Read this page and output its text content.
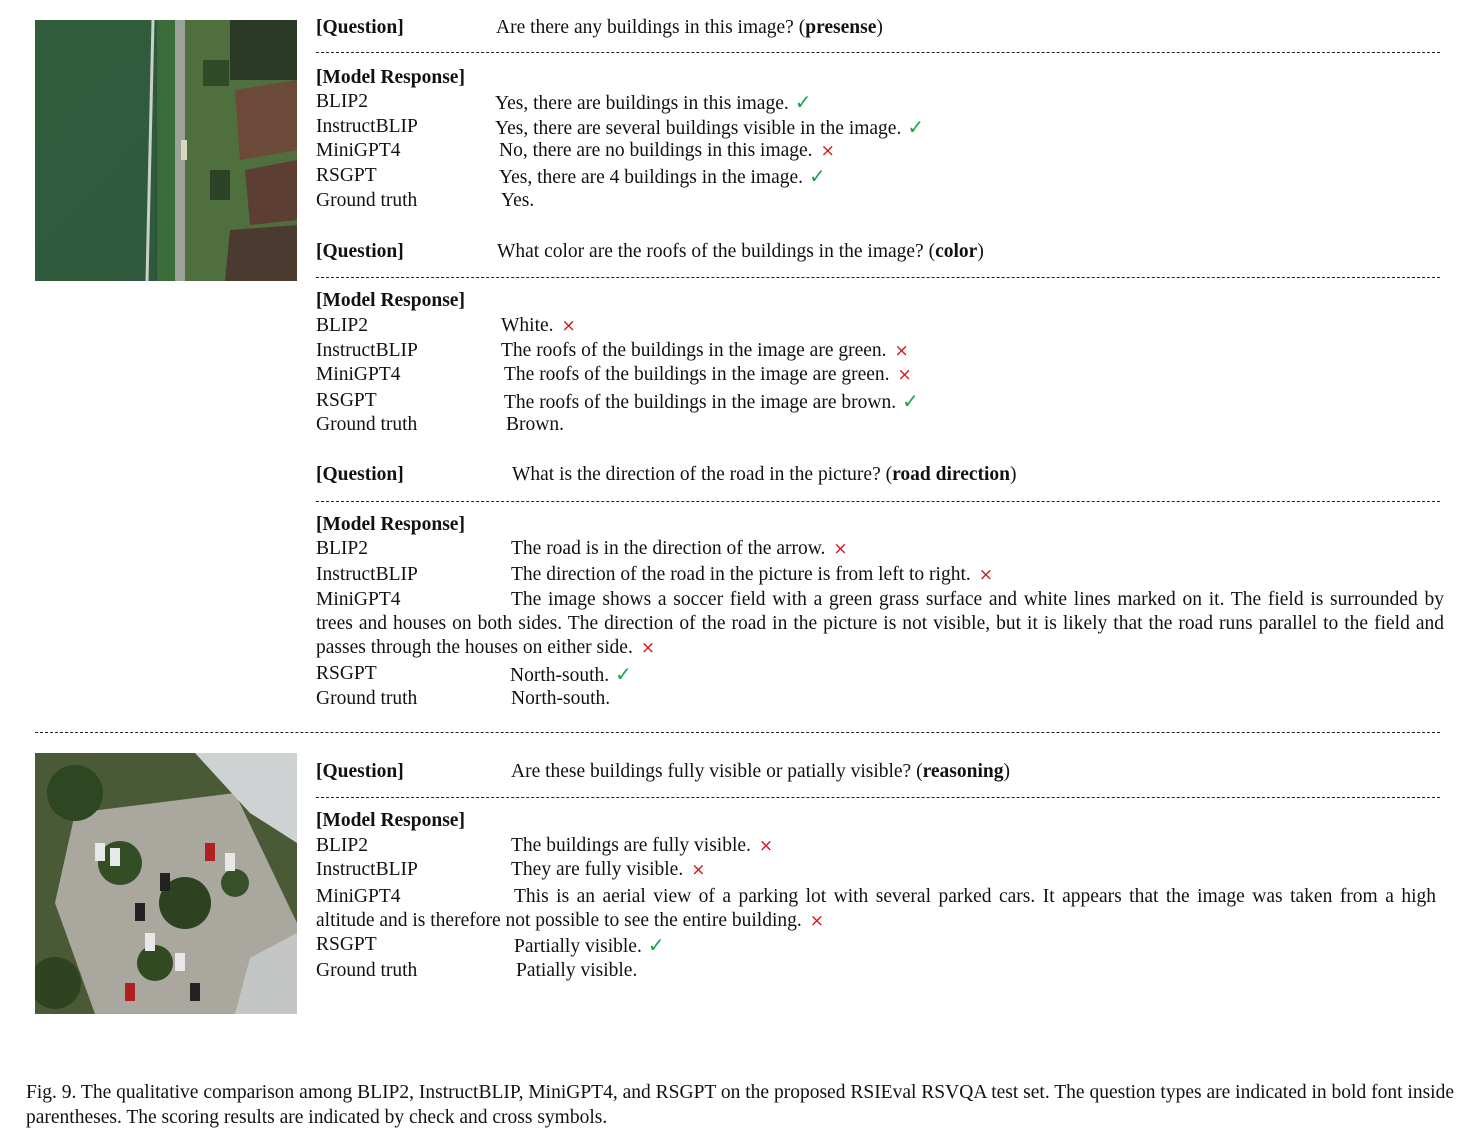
[Question]	Are there any buildings in this image? (presense)
[Model Response]
BLIP2	Yes, there are buildings in this image. ✓
InstructBLIP	Yes, there are several buildings visible in the image. ✓
MiniGPT4	No, there are no buildings in this image. ×
RSGPT	Yes, there are 4 buildings in the image. ✓
Ground truth	Yes.
[Question]	What color are the roofs of the buildings in the image? (color)
[Model Response]
BLIP2	White. ×
InstructBLIP	The roofs of the buildings in the image are green. ×
MiniGPT4	The roofs of the buildings in the image are green. ×
RSGPT	The roofs of the buildings in the image are brown. ✓
Ground truth	Brown.
[Question]	What is the direction of the road in the picture? (road direction)
[Model Response]
BLIP2	The road is in the direction of the arrow. ×
InstructBLIP	The direction of the road in the picture is from left to right. ×
MiniGPT4	The image shows a soccer field with a green grass surface and white lines marked on it. The field is surrounded by trees and houses on both sides. The direction of the road in the picture is not visible, but it is likely that the road runs parallel to the field and passes through the houses on either side. ×
RSGPT	North-south. ✓
Ground truth	North-south.
[Question]	Are these buildings fully visible or patially visible? (reasoning)
[Model Response]
BLIP2	The buildings are fully visible. ×
InstructBLIP	They are fully visible. ×
MiniGPT4	This is an aerial view of a parking lot with several parked cars. It appears that the image was taken from a high altitude and is therefore not possible to see the entire building. ×
RSGPT	Partially visible. ✓
Ground truth	Patially visible.
Fig. 9. The qualitative comparison among BLIP2, InstructBLIP, MiniGPT4, and RSGPT on the proposed RSIEval RSVQA test set. The question types are indicated in bold font inside parentheses. The scoring results are indicated by check and cross symbols.
